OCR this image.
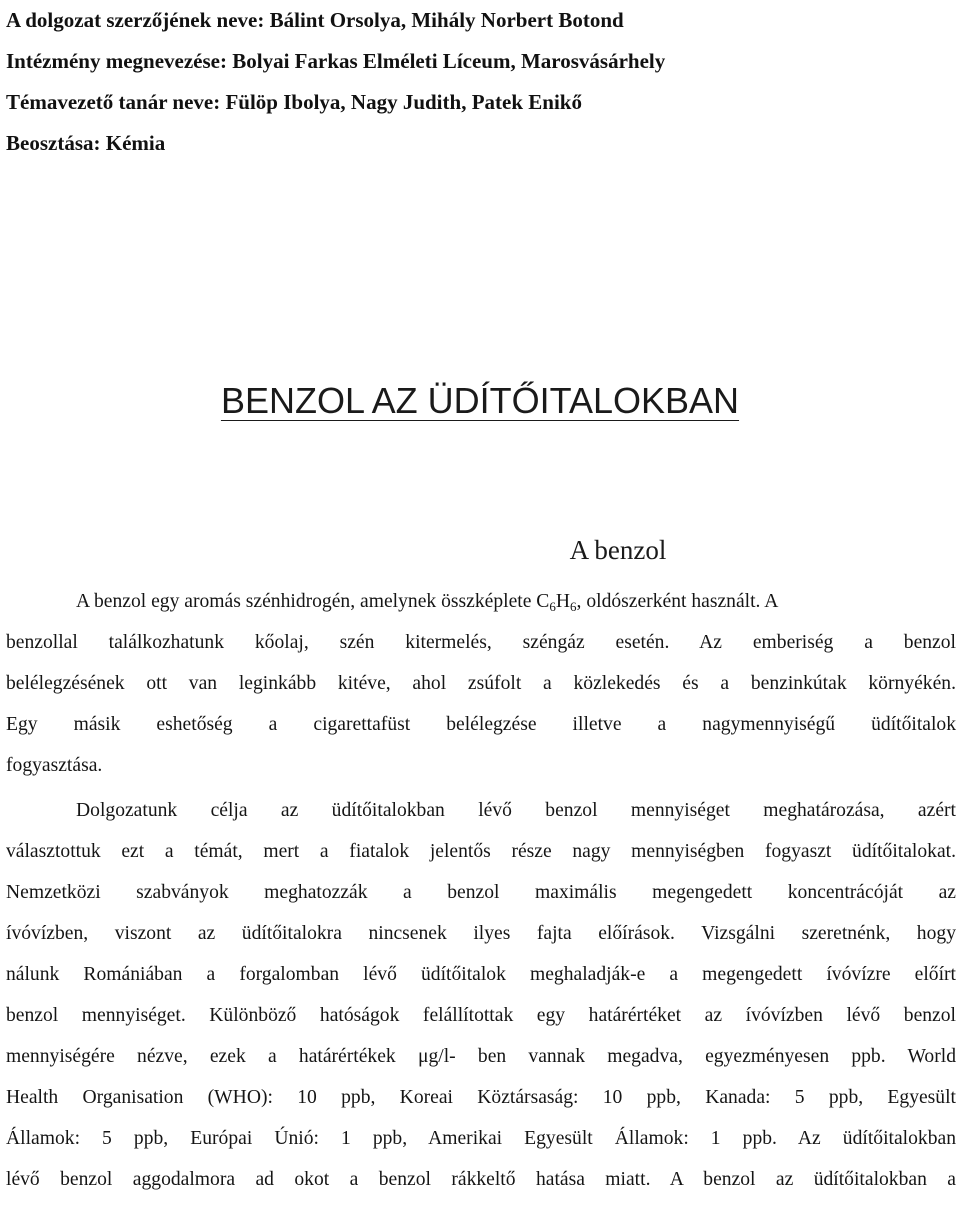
A dolgozat szerzőjének neve: Bálint Orsolya, Mihály Norbert Botond
Intézmény megnevezése: Bolyai Farkas Elméleti Líceum, Marosvásárhely
Témavezető tanár neve: Fülöp Ibolya, Nagy Judith, Patek Enikő
Beosztása: Kémia
BENZOL AZ ÜDÍTŐITALOKBAN
A benzol
A benzol egy aromás szénhidrogén, amelynek összképlete $C_6H_6$, oldószerként használt. A
benzollal találkozhatunk kőolaj, szén kitermelés, széngáz esetén. Az emberiség a benzol
belélegzésének ott van leginkább kitéve, ahol zsúfolt a közlekedés és a benzinkútak környékén.
Egy másik eshetőség a cigarettafüst belélegzése illetve a nagymennyiségű üdítőitalok
fogyasztása.
Dolgozatunk célja az üdítőitalokban lévő benzol mennyiséget meghatározása, azért
választottuk ezt a témát, mert a fiatalok jelentős része nagy mennyiségben fogyaszt üdítőitalokat.
Nemzetközi szabványok meghatozzák a benzol maximális megengedett koncentrácóját az
ívóvízben, viszont az üdítőitalokra nincsenek ilyes fajta előírások. Vizsgálni szeretnénk, hogy
nálunk Romániában a forgalomban lévő üdítőitalok meghaladják-e a megengedett ívóvízre előírt
benzol mennyiséget. Különböző hatóságok felállítottak egy határértéket az ívóvízben lévő benzol
mennyiségére nézve, ezek a határértékek μg/l- ben vannak megadva, egyezményesen ppb. World
Health Organisation (WHO): 10 ppb, Koreai Köztársaság: 10 ppb, Kanada: 5 ppb, Egyesült
Államok: 5 ppb, Európai Únió: 1 ppb, Amerikai Egyesült Államok: 1 ppb. Az üdítőitalokban
lévő benzol aggodalmora ad okot a benzol rákkeltő hatása miatt. A benzol az üdítőitalokban a
